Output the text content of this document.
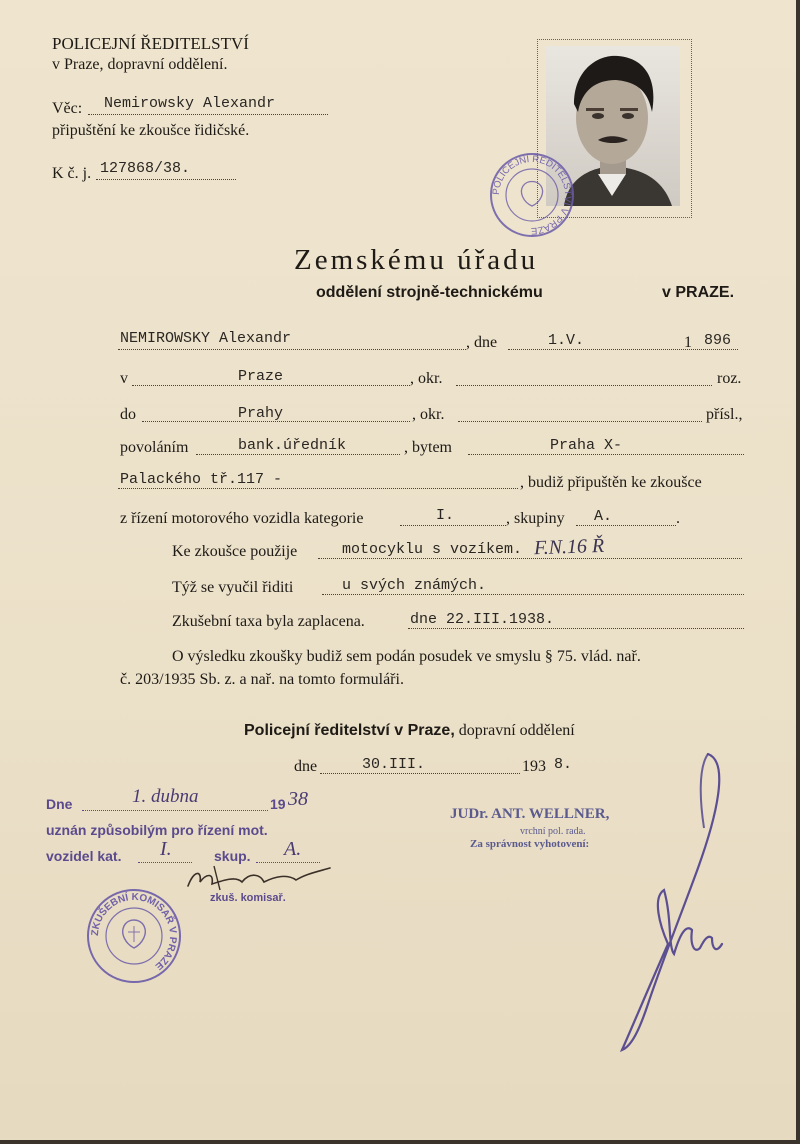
POLICEJNÍ ŘEDITELSTVÍ
v Praze, dopravní oddělení.
Věc: Nemirowsky Alexandr
připuštění ke zkoušce řidičské.
K č. j. 127868/38.
POLICEJNÍ ŘEDITELSTVÍ V PRAZE
Zemskému úřadu
oddělení strojně-technickému	v PRAZE.
NEMIROWSKY Alexandr	, dne	1.V.	1 896
v	Praze	, okr.	roz.
do	Prahy	, okr.	přísl.,
povoláním	bank.úředník	, bytem	Praha X-
Palackého tř.117 -	, budiž připuštěn ke zkoušce
z řízení motorového vozidla kategorie	I.	, skupiny A.	.
Ke zkoušce použije	motocyklu s vozíkem. F.N.16 Ř
Týž se vyučil řiditi	u svých známých.
Zkušební taxa byla zaplacena.	dne 22.III.1938.
O výsledku zkoušky budiž sem podán posudek ve smyslu § 75. vlád. nař.
č. 203/1935 Sb. z. a nař. na tomto formuláři.
Policejní ředitelství v Praze, dopravní oddělení
dne	30.III.	193 8.
JUDr. ANT. WELLNER,
vrchní pol. rada.
Za správnost vyhotovení:
Dne	1. dubna	19 38
uznán způsobilým pro řízení mot.
vozidel kat. I.	skup. A.
zkuš. komisař.
ZKUŠEBNÍ KOMISAŘ V PRAZE
